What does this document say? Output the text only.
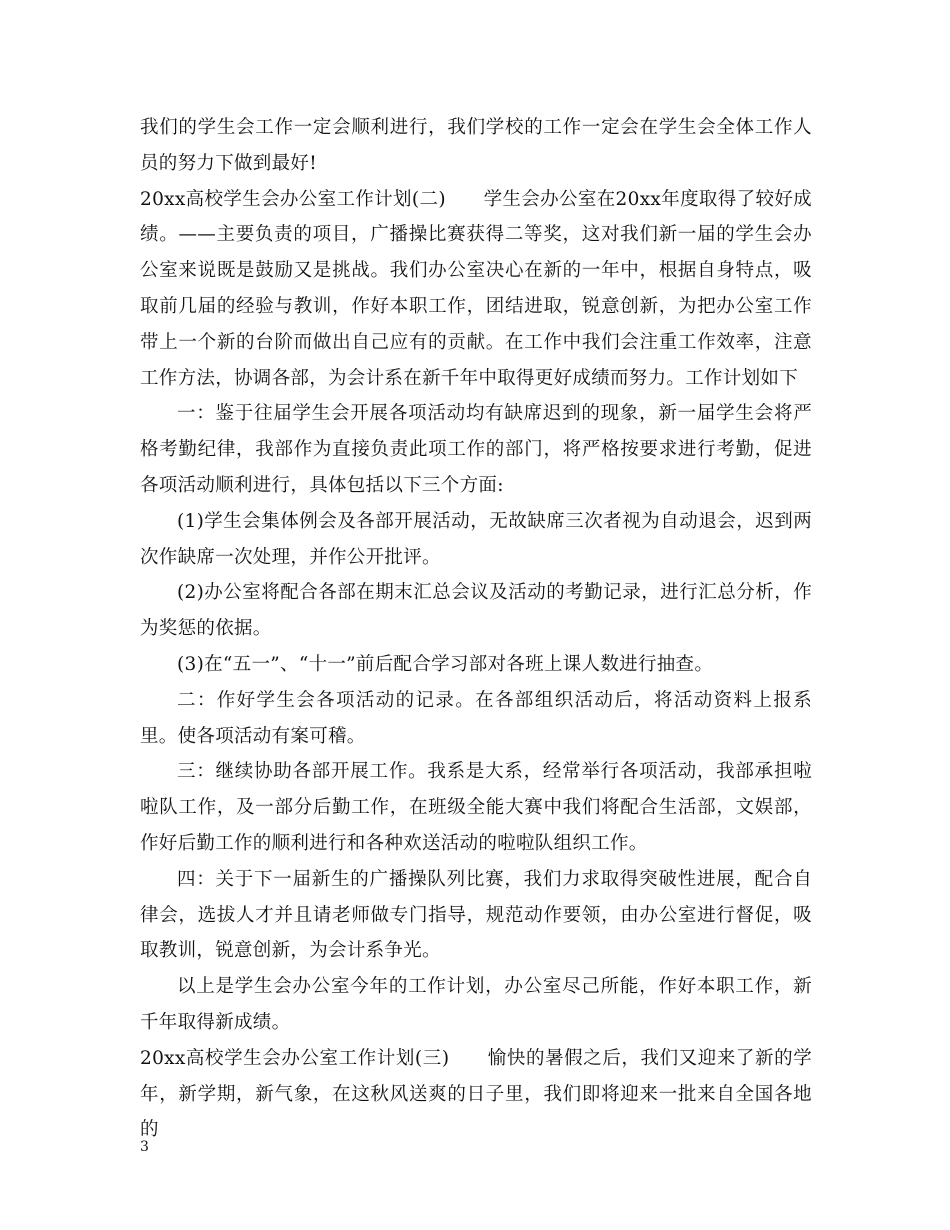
我们的学生会工作一定会顺利进行，我们学校的工作一定会在学生会全体工作人员的努力下做到最好!

20xx高校学生会办公室工作计划(二)　　学生会办公室在20xx年度取得了较好成绩。——主要负责的项目，广播操比赛获得二等奖，这对我们新一届的学生会办公室来说既是鼓励又是挑战。我们办公室决心在新的一年中，根据自身特点，吸取前几届的经验与教训，作好本职工作，团结进取，锐意创新，为把办公室工作带上一个新的台阶而做出自己应有的贡献。在工作中我们会注重工作效率，注意工作方法，协调各部，为会计系在新千年中取得更好成绩而努力。工作计划如下

一：鉴于往届学生会开展各项活动均有缺席迟到的现象，新一届学生会将严格考勤纪律，我部作为直接负责此项工作的部门，将严格按要求进行考勤，促进各项活动顺利进行，具体包括以下三个方面:

(1)学生会集体例会及各部开展活动，无故缺席三次者视为自动退会，迟到两次作缺席一次处理，并作公开批评。

(2)办公室将配合各部在期末汇总会议及活动的考勤记录，进行汇总分析，作为奖惩的依据。

(3)在“五一”、“十一”前后配合学习部对各班上课人数进行抽查。

二：作好学生会各项活动的记录。在各部组织活动后，将活动资料上报系里。使各项活动有案可稽。

三：继续协助各部开展工作。我系是大系，经常举行各项活动，我部承担啦啦队工作，及一部分后勤工作，在班级全能大赛中我们将配合生活部，文娱部，作好后勤工作的顺利进行和各种欢送活动的啦啦队组织工作。

四：关于下一届新生的广播操队列比赛，我们力求取得突破性进展，配合自律会，选拔人才并且请老师做专门指导，规范动作要领，由办公室进行督促，吸取教训，锐意创新，为会计系争光。

以上是学生会办公室今年的工作计划，办公室尽己所能，作好本职工作，新千年取得新成绩。

20xx高校学生会办公室工作计划(三)　　愉快的暑假之后，我们又迎来了新的学年，新学期，新气象，在这秋风送爽的日子里，我们即将迎来一批来自全国各地的

3
